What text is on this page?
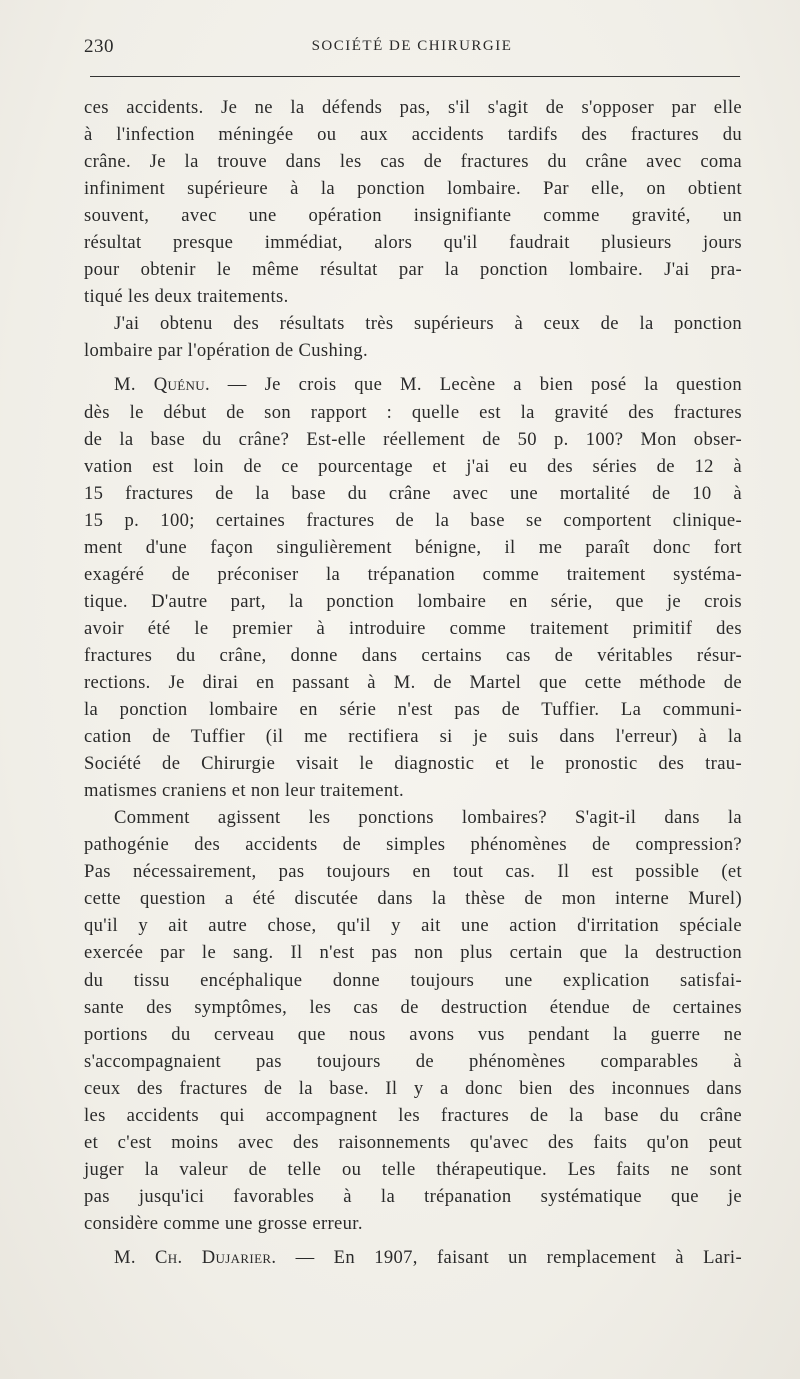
230	SOCIÉTÉ DE CHIRURGIE
ces accidents. Je ne la défends pas, s'il s'agit de s'opposer par elle
à l'infection méningée ou aux accidents tardifs des fractures du
crâne. Je la trouve dans les cas de fractures du crâne avec coma
infiniment supérieure à la ponction lombaire. Par elle, on obtient
souvent, avec une opération insignifiante comme gravité, un
résultat presque immédiat, alors qu'il faudrait plusieurs jours
pour obtenir le même résultat par la ponction lombaire. J'ai pra-
tiqué les deux traitements.
J'ai obtenu des résultats très supérieurs à ceux de la ponction
lombaire par l'opération de Cushing.
M. Quénu. — Je crois que M. Lecène a bien posé la question
dès le début de son rapport : quelle est la gravité des fractures
de la base du crâne? Est-elle réellement de 50 p. 100? Mon obser-
vation est loin de ce pourcentage et j'ai eu des séries de 12 à
15 fractures de la base du crâne avec une mortalité de 10 à
15 p. 100; certaines fractures de la base se comportent clinique-
ment d'une façon singulièrement bénigne, il me paraît donc fort
exagéré de préconiser la trépanation comme traitement systéma-
tique. D'autre part, la ponction lombaire en série, que je crois
avoir été le premier à introduire comme traitement primitif des
fractures du crâne, donne dans certains cas de véritables résur-
rections. Je dirai en passant à M. de Martel que cette méthode de
la ponction lombaire en série n'est pas de Tuffier. La communi-
cation de Tuffier (il me rectifiera si je suis dans l'erreur) à la
Société de Chirurgie visait le diagnostic et le pronostic des trau-
matismes craniens et non leur traitement.
Comment agissent les ponctions lombaires? S'agit-il dans la
pathogénie des accidents de simples phénomènes de compression?
Pas nécessairement, pas toujours en tout cas. Il est possible (et
cette question a été discutée dans la thèse de mon interne Murel)
qu'il y ait autre chose, qu'il y ait une action d'irritation spéciale
exercée par le sang. Il n'est pas non plus certain que la destruction
du tissu encéphalique donne toujours une explication satisfai-
sante des symptômes, les cas de destruction étendue de certaines
portions du cerveau que nous avons vus pendant la guerre ne
s'accompagnaient pas toujours de phénomènes comparables à
ceux des fractures de la base. Il y a donc bien des inconnues dans
les accidents qui accompagnent les fractures de la base du crâne
et c'est moins avec des raisonnements qu'avec des faits qu'on peut
juger la valeur de telle ou telle thérapeutique. Les faits ne sont
pas jusqu'ici favorables à la trépanation systématique que je
considère comme une grosse erreur.
M. Ch. Dujarier. — En 1907, faisant un remplacement à Lari-
